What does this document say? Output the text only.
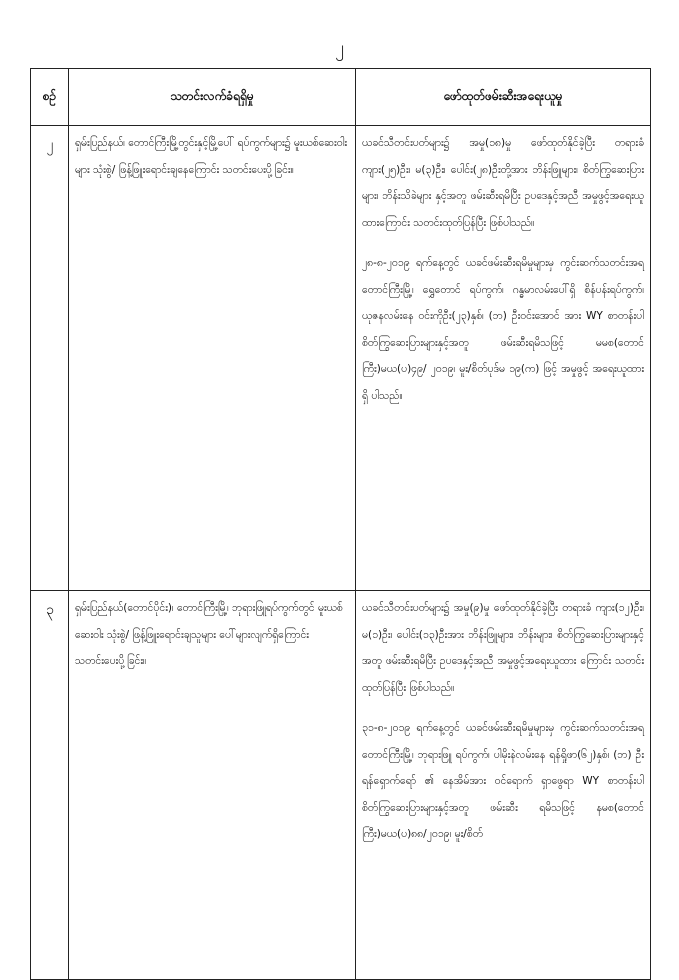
၂
စဉ်	သတင်းလက်ခံရရှိမှု	ဖော်ထုတ်ဖမ်းဆီးအရေးယူမှု
၂	ရှမ်းပြည်နယ်၊ တောင်ကြီးမြို့တွင်းနှင့်မြို့ပေါ် ရပ်ကွက်များ၌ မူးယစ်ဆေးဝါးများ သုံးစွဲ/ ဖြန့်ဖြူးရောင်းချနေကြောင်း သတင်းပေးပို့ခြင်း။	ယခင်သီတင်းပတ်များ၌ အမှု(၁၈)မှု ဖော်ထုတ်နိုင်ခဲ့ပြီး တရားခံ ကျား(၂၅)ဦး၊ မ(၃)ဦး၊ ပေါင်း(၂၈)ဦးတို့အား ဘိန်းဖြူများ၊ စိတ်ကြွဆေးပြားများ၊ ဘိန်းသိခဲများ နှင့်အတူ ဖမ်းဆီးရမိပြီး ဥပဒေနှင့်အညီ အမှုဖွင့်အရေးယူ ထားကြောင်း သတင်းထုတ်ပြန်ပြီး ဖြစ်ပါသည်။

၂၈-၈-၂၀၁၉ ရက်နေ့တွင် ယခင်ဖမ်းဆီးရမိမှုများမှ ကွင်းဆက်သတင်းအရ တောင်ကြီးမြို့၊ ရွှေတောင် ရပ်ကွက်၊ ဂန္ဓမာလမ်းပေါ်ရှိ စိန်ပန်းရပ်ကွက်၊ ယုဇနလမ်းနေ ဝင်းကိုဦး(၂၃)နှစ်၊ (ဘ) ဦးဝင်းအောင် အား WY စာတန်းပါ စိတ်ကြွဆေးပြားများနှင့်အတူ ဖမ်းဆီးရမိသဖြင့် မမစ(တောင်ကြီး)မယ(ပ)၄၉/ ၂၀၁၉၊ မူး/စိတ်ပုဒ်မ ၁၉(က) ဖြင့် အမှုဖွင့် အရေးယူထားရှိ ပါသည်။

၃	ရှမ်းပြည်နယ်(တောင်ပိုင်း)၊ တောင်ကြီးမြို့၊ ဘုရားဖြူရပ်ကွက်တွင် မူးယစ်ဆေးဝါး သုံးစွဲ/ ဖြန့်ဖြူးရောင်းချသူများ ပေါ်များလျက်ရှိကြောင်း သတင်းပေးပို့ခြင်း။	ယခင်သီတင်းပတ်များ၌ အမှု(၉)မှု ဖော်ထုတ်နိုင်ခဲ့ပြီး တရားခံ ကျား(၁၂)ဦး၊ မ(၁)ဦး၊ ပေါင်း(၁၃)ဦးအား ဘိန်းဖြူများ၊ ဘိန်းများ၊ စိတ်ကြွဆေးပြားများနှင့်အတူ ဖမ်းဆီးရမိပြီး ဥပဒေနှင့်အညီ အမှုဖွင့်အရေးယူထား ကြောင်း သတင်းထုတ်ပြန်ပြီး ဖြစ်ပါသည်။

၃၁-၈-၂၀၁၉ ရက်နေ့တွင် ယခင်ဖမ်းဆီးရမိမှုများမှ ကွင်းဆက်သတင်းအရ တောင်ကြီးမြို့၊ ဘုရားဖြူ ရပ်ကွက်၊ ပါမိုးနဲလမ်းနေ ရန်ရှိုဖာ(၆၂)နှစ်၊ (ဘ) ဦးရန်ရှောက်ရော် ၏ နေအိမ်အား ဝင်ရောက် ရှာဖွေရာ WY စာတန်းပါ စိတ်ကြွဆေးပြားများနှင့်အတူ ဖမ်းဆီး ရမိသဖြင့် နမစ(တောင်ကြီး)မယ(ပ)၈၈/၂၀၁၉၊ မူး/စိတ်
